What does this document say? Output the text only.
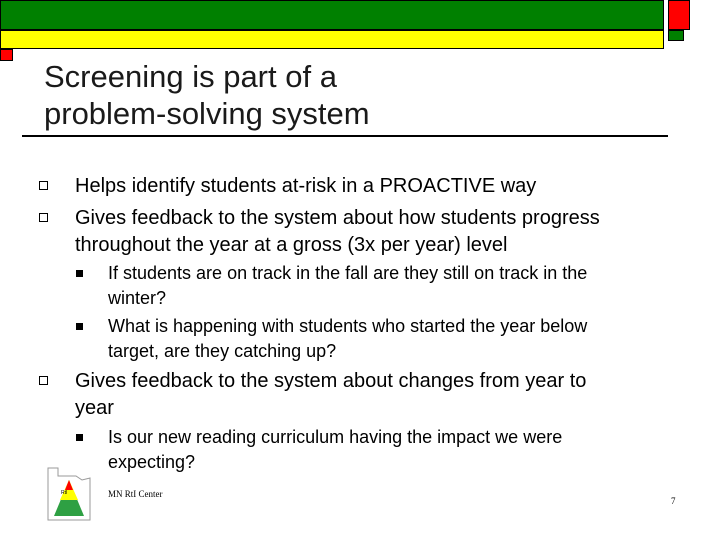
Screening is part of a
problem-solving system
Helps identify students at-risk in a PROACTIVE way
Gives feedback to the system about how students progress
throughout the year at a gross (3x per year) level
If students are on track in the fall are they still on track in the
winter?
What is happening with students who started the year below
target, are they catching up?
Gives feedback to the system about changes from year to
year
Is our new reading curriculum having the impact we were
expecting?
RtI	MN RtI Center
7
